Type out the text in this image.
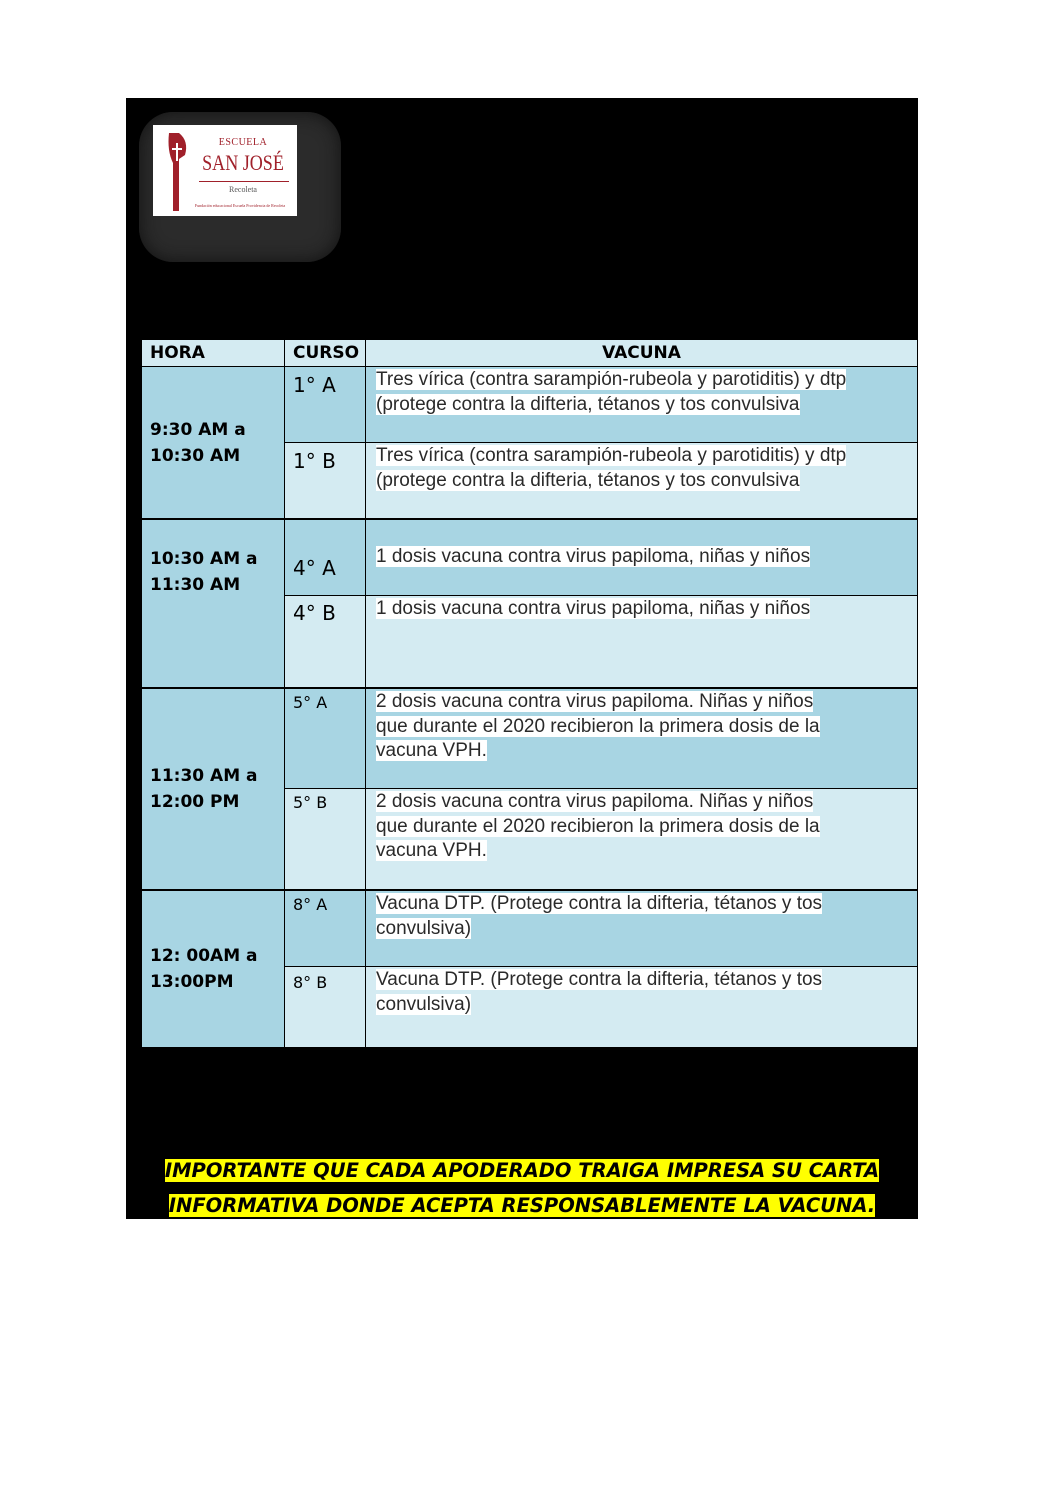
ESCUELA
SAN JOSÉ
Recoleta
Fundación educacional Escuela Providencia de Recoleta
HORA	CURSO	VACUNA
9:30 AM a
10:30 AM
1° A	Tres vírica (contra sarampión-rubeola y parotiditis) y dtp
(protege contra la difteria, tétanos y tos convulsiva
1° B	Tres vírica (contra sarampión-rubeola y parotiditis) y dtp
(protege contra la difteria, tétanos y tos convulsiva
10:30 AM a
11:30 AM
4° A	1 dosis vacuna contra virus papiloma, niñas y niños
4° B	1 dosis vacuna contra virus papiloma, niñas y niños
11:30 AM a
12:00 PM
5° A	2 dosis vacuna contra virus papiloma. Niñas y niños
que durante el 2020 recibieron la primera dosis de la
vacuna VPH.
5° B	2 dosis vacuna contra virus papiloma. Niñas y niños
que durante el 2020 recibieron la primera dosis de la
vacuna VPH.
12: 00AM a
13:00PM
8° A	Vacuna DTP. (Protege contra la difteria, tétanos y tos
convulsiva)
8° B	Vacuna DTP. (Protege contra la difteria, tétanos y tos
convulsiva)
IMPORTANTE QUE CADA APODERADO TRAIGA IMPRESA SU CARTA
INFORMATIVA DONDE ACEPTA RESPONSABLEMENTE LA VACUNA.
